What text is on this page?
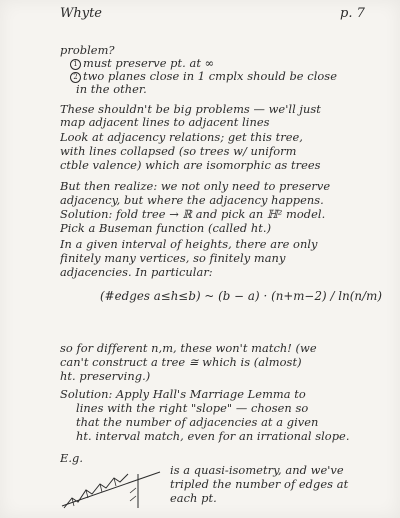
Whyte	p. 7
problem?
1 must preserve pt. at ∞
2 two planes close in 1 cmplx should be close
in the other.
These shouldn't be big problems — we'll just
map adjacent lines to adjacent lines
Look at adjacency relations; get this tree,
with lines collapsed (so trees w/ uniform
ctble valence) which are isomorphic as trees
But then realize: we not only need to preserve
adjacency, but where the adjacency happens.
Solution: fold tree → ℝ and pick an ℍ² model.
Pick a Buseman function (called ht.)
In a given interval of heights, there are only
finitely many vertices, so finitely many
adjacencies. In particular:
(#edges a≤h≤b) ~ (b − a) · (n+m−2) / ln(n/m)
so for different n,m, these won't match! (we
can't construct a tree ≅ which is (almost)
ht. preserving.)
Solution: Apply Hall's Marriage Lemma to
lines with the right "slope" — chosen so
that the number of adjacencies at a given
ht. interval match, even for an irrational slope.
E.g.
is a quasi-isometry, and we've
tripled the number of edges at
each pt.
